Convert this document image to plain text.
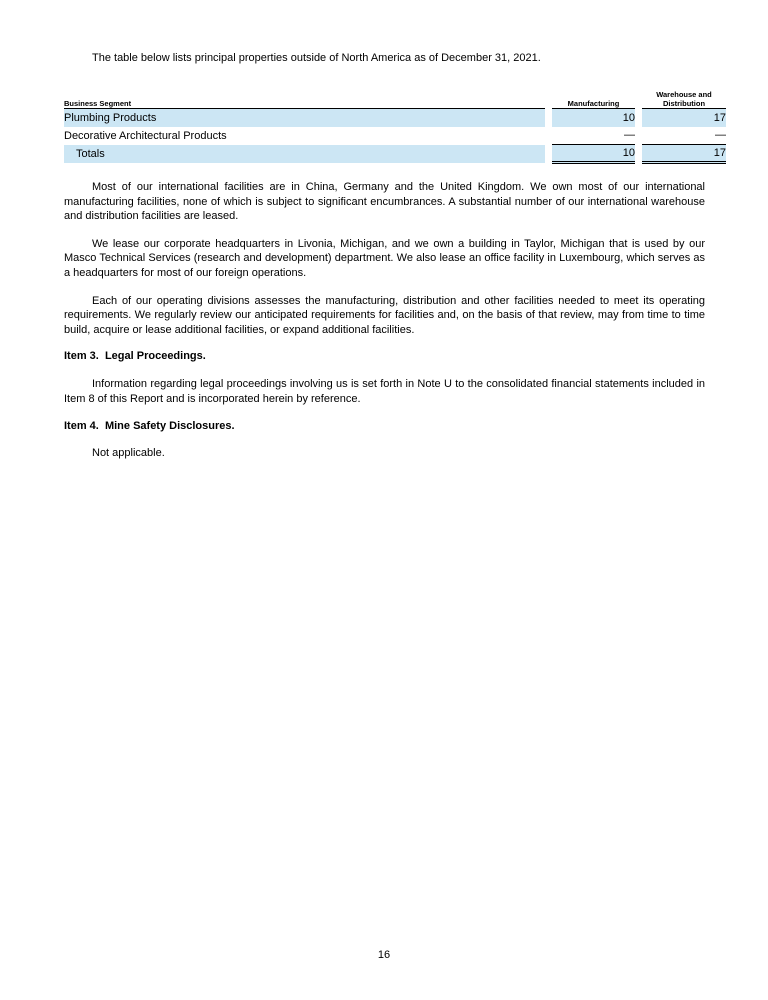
The table below lists principal properties outside of North America as of December 31, 2021.

Business Segment		Manufacturing		Warehouse and
Distribution

Plumbing Products		10		17
Decorative Architectural Products		—		—
Totals		10		17

Most of our international facilities are in China, Germany and the United Kingdom. We own most of our international manufacturing facilities, none of which is subject to significant encumbrances. A substantial number of our international warehouse and distribution facilities are leased.

We lease our corporate headquarters in Livonia, Michigan, and we own a building in Taylor, Michigan that is used by our Masco Technical Services (research and development) department. We also lease an office facility in Luxembourg, which serves as a headquarters for most of our foreign operations.

Each of our operating divisions assesses the manufacturing, distribution and other facilities needed to meet its operating requirements. We regularly review our anticipated requirements for facilities and, on the basis of that review, may from time to time build, acquire or lease additional facilities, or expand additional facilities.

Item 3.  Legal Proceedings.

Information regarding legal proceedings involving us is set forth in Note U to the consolidated financial statements included in Item 8 of this Report and is incorporated herein by reference.

Item 4.  Mine Safety Disclosures.

Not applicable.

16
